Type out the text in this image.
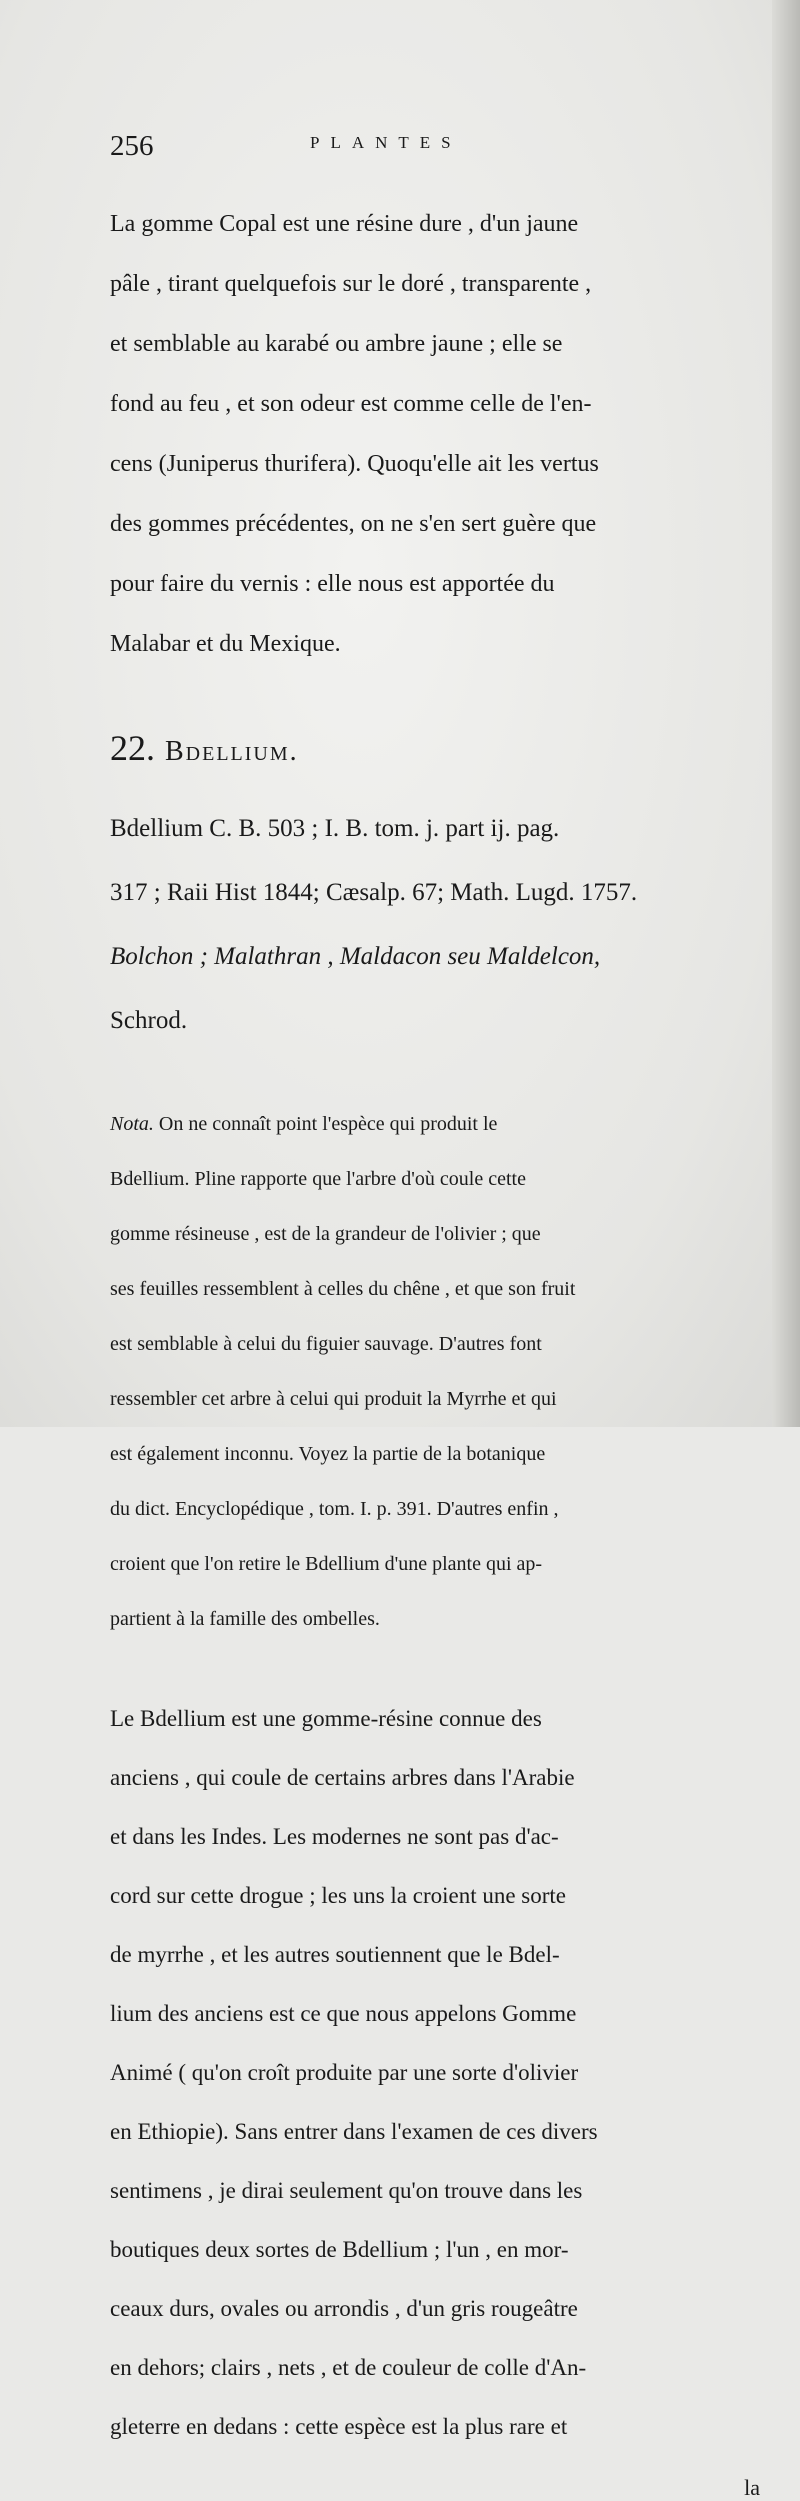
256	PLANTES

La gomme Copal est une résine dure , d'un jaune

pâle , tirant quelquefois sur le doré , transparente ,

et semblable au karabé ou ambre jaune ; elle se

fond au feu , et son odeur est comme celle de l'en-

cens (Juniperus thurifera). Quoqu'elle ait les vertus

des gommes précédentes, on ne s'en sert guère que

pour faire du vernis : elle nous est apportée du

Malabar et du Mexique.

22. Bdellium.

Bdellium C. B. 503 ; I. B. tom. j. part ij. pag.

317 ; Raii Hist 1844; Cæsalp. 67; Math. Lugd. 1757.

Bolchon ; Malathran , Maldacon seu Maldelcon,

Schrod.

Nota. On ne connaît point l'espèce qui produit le

Bdellium. Pline rapporte que l'arbre d'où coule cette

gomme résineuse , est de la grandeur de l'olivier ; que

ses feuilles ressemblent à celles du chêne , et que son fruit

est semblable à celui du figuier sauvage. D'autres font

ressembler cet arbre à celui qui produit la Myrrhe et qui

est également inconnu. Voyez la partie de la botanique

du dict. Encyclopédique , tom. I. p. 391. D'autres enfin ,

croient que l'on retire le Bdellium d'une plante qui ap-

partient à la famille des ombelles.

Le Bdellium est une gomme-résine connue des

anciens , qui coule de certains arbres dans l'Arabie

et dans les Indes. Les modernes ne sont pas d'ac-

cord sur cette drogue ; les uns la croient une sorte

de myrrhe , et les autres soutiennent que le Bdel-

lium des anciens est ce que nous appelons Gomme

Animé ( qu'on croît produite par une sorte d'olivier

en Ethiopie). Sans entrer dans l'examen de ces divers

sentimens , je dirai seulement qu'on trouve dans les

boutiques deux sortes de Bdellium ; l'un , en mor-

ceaux durs, ovales ou arrondis , d'un gris rougeâtre

en dehors; clairs , nets , et de couleur de colle d'An-

gleterre en dedans : cette espèce est la plus rare et

la
